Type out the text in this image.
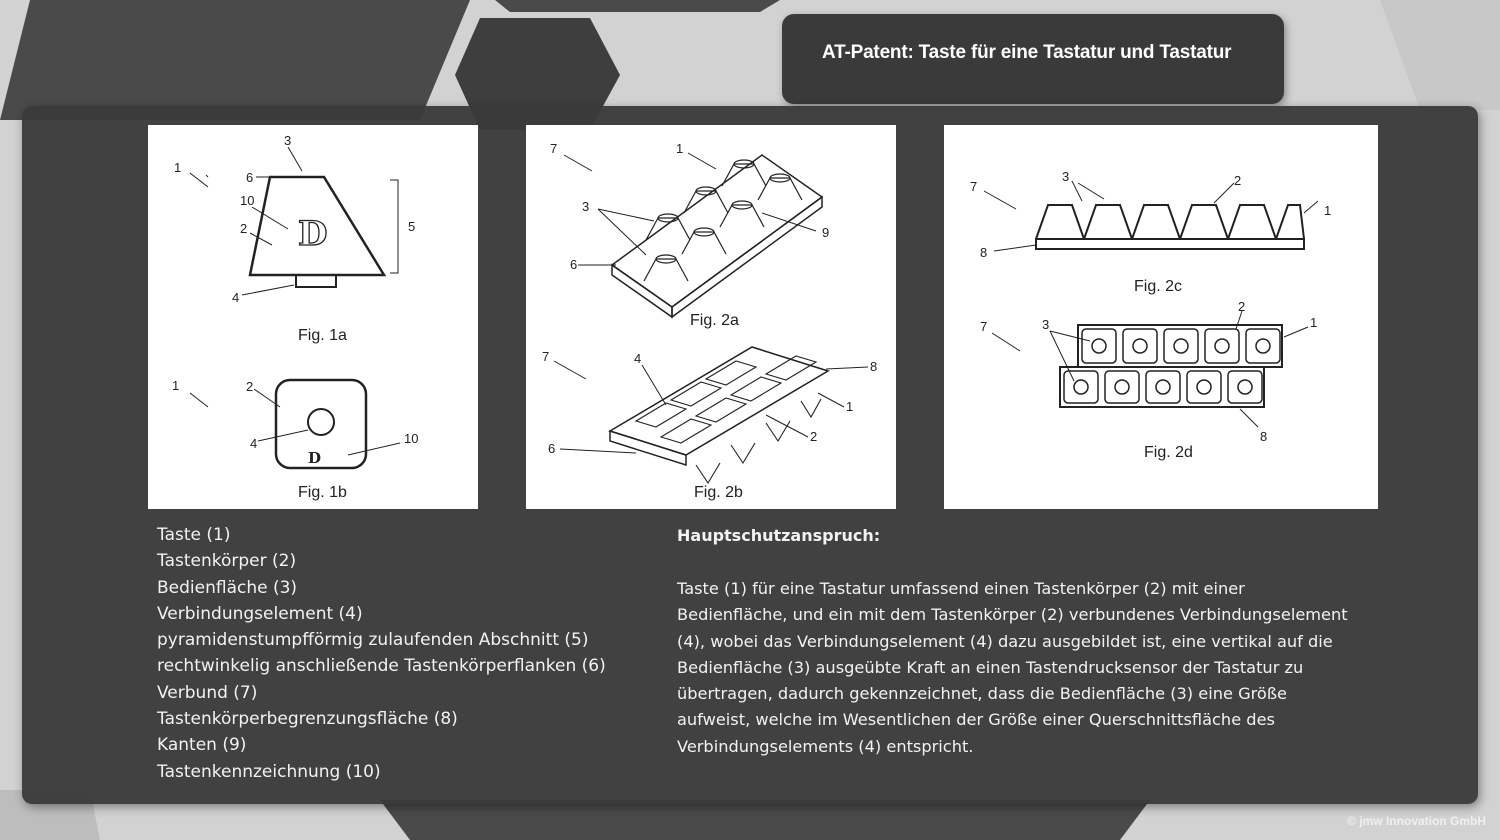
AT-Patent: Taste für eine Tastatur und Tastatur
D
1
3
6
10
2	5
4
Fig. 1a
D
1	2
4	10
Fig. 1b
7	1
3
6
9
Fig. 2a
7	4
8
1
2
6
Fig. 2b
7
3	2
1
8
Fig. 2c
7	3
2
1
8
Fig. 2d
Taste (1)
Tastenkörper (2)
Bedienfläche (3)
Verbindungselement (4)
pyramidenstumpfförmig zulaufenden Abschnitt (5)
rechtwinkelig anschließende Tastenkörperflanken (6)
Verbund (7)
Tastenkörperbegrenzungsfläche (8)
Kanten (9)
Tastenkennzeichnung (10)
Hauptschutzanspruch:

Taste (1) für eine Tastatur umfassend einen Tastenkörper (2) mit einer Bedienfläche, und ein mit dem Tastenkörper (2) verbundenes Verbindungselement (4), wobei das Verbindungselement (4) dazu ausgebildet ist, eine vertikal auf die Bedienfläche (3) ausgeübte Kraft an einen Tastendrucksensor der Tastatur zu übertragen, dadurch gekennzeichnet, dass die Bedienfläche (3) eine Größe aufweist, welche im Wesentlichen der Größe einer Querschnittsfläche des Verbindungselements (4) entspricht.

© jmw Innovation GmbH
